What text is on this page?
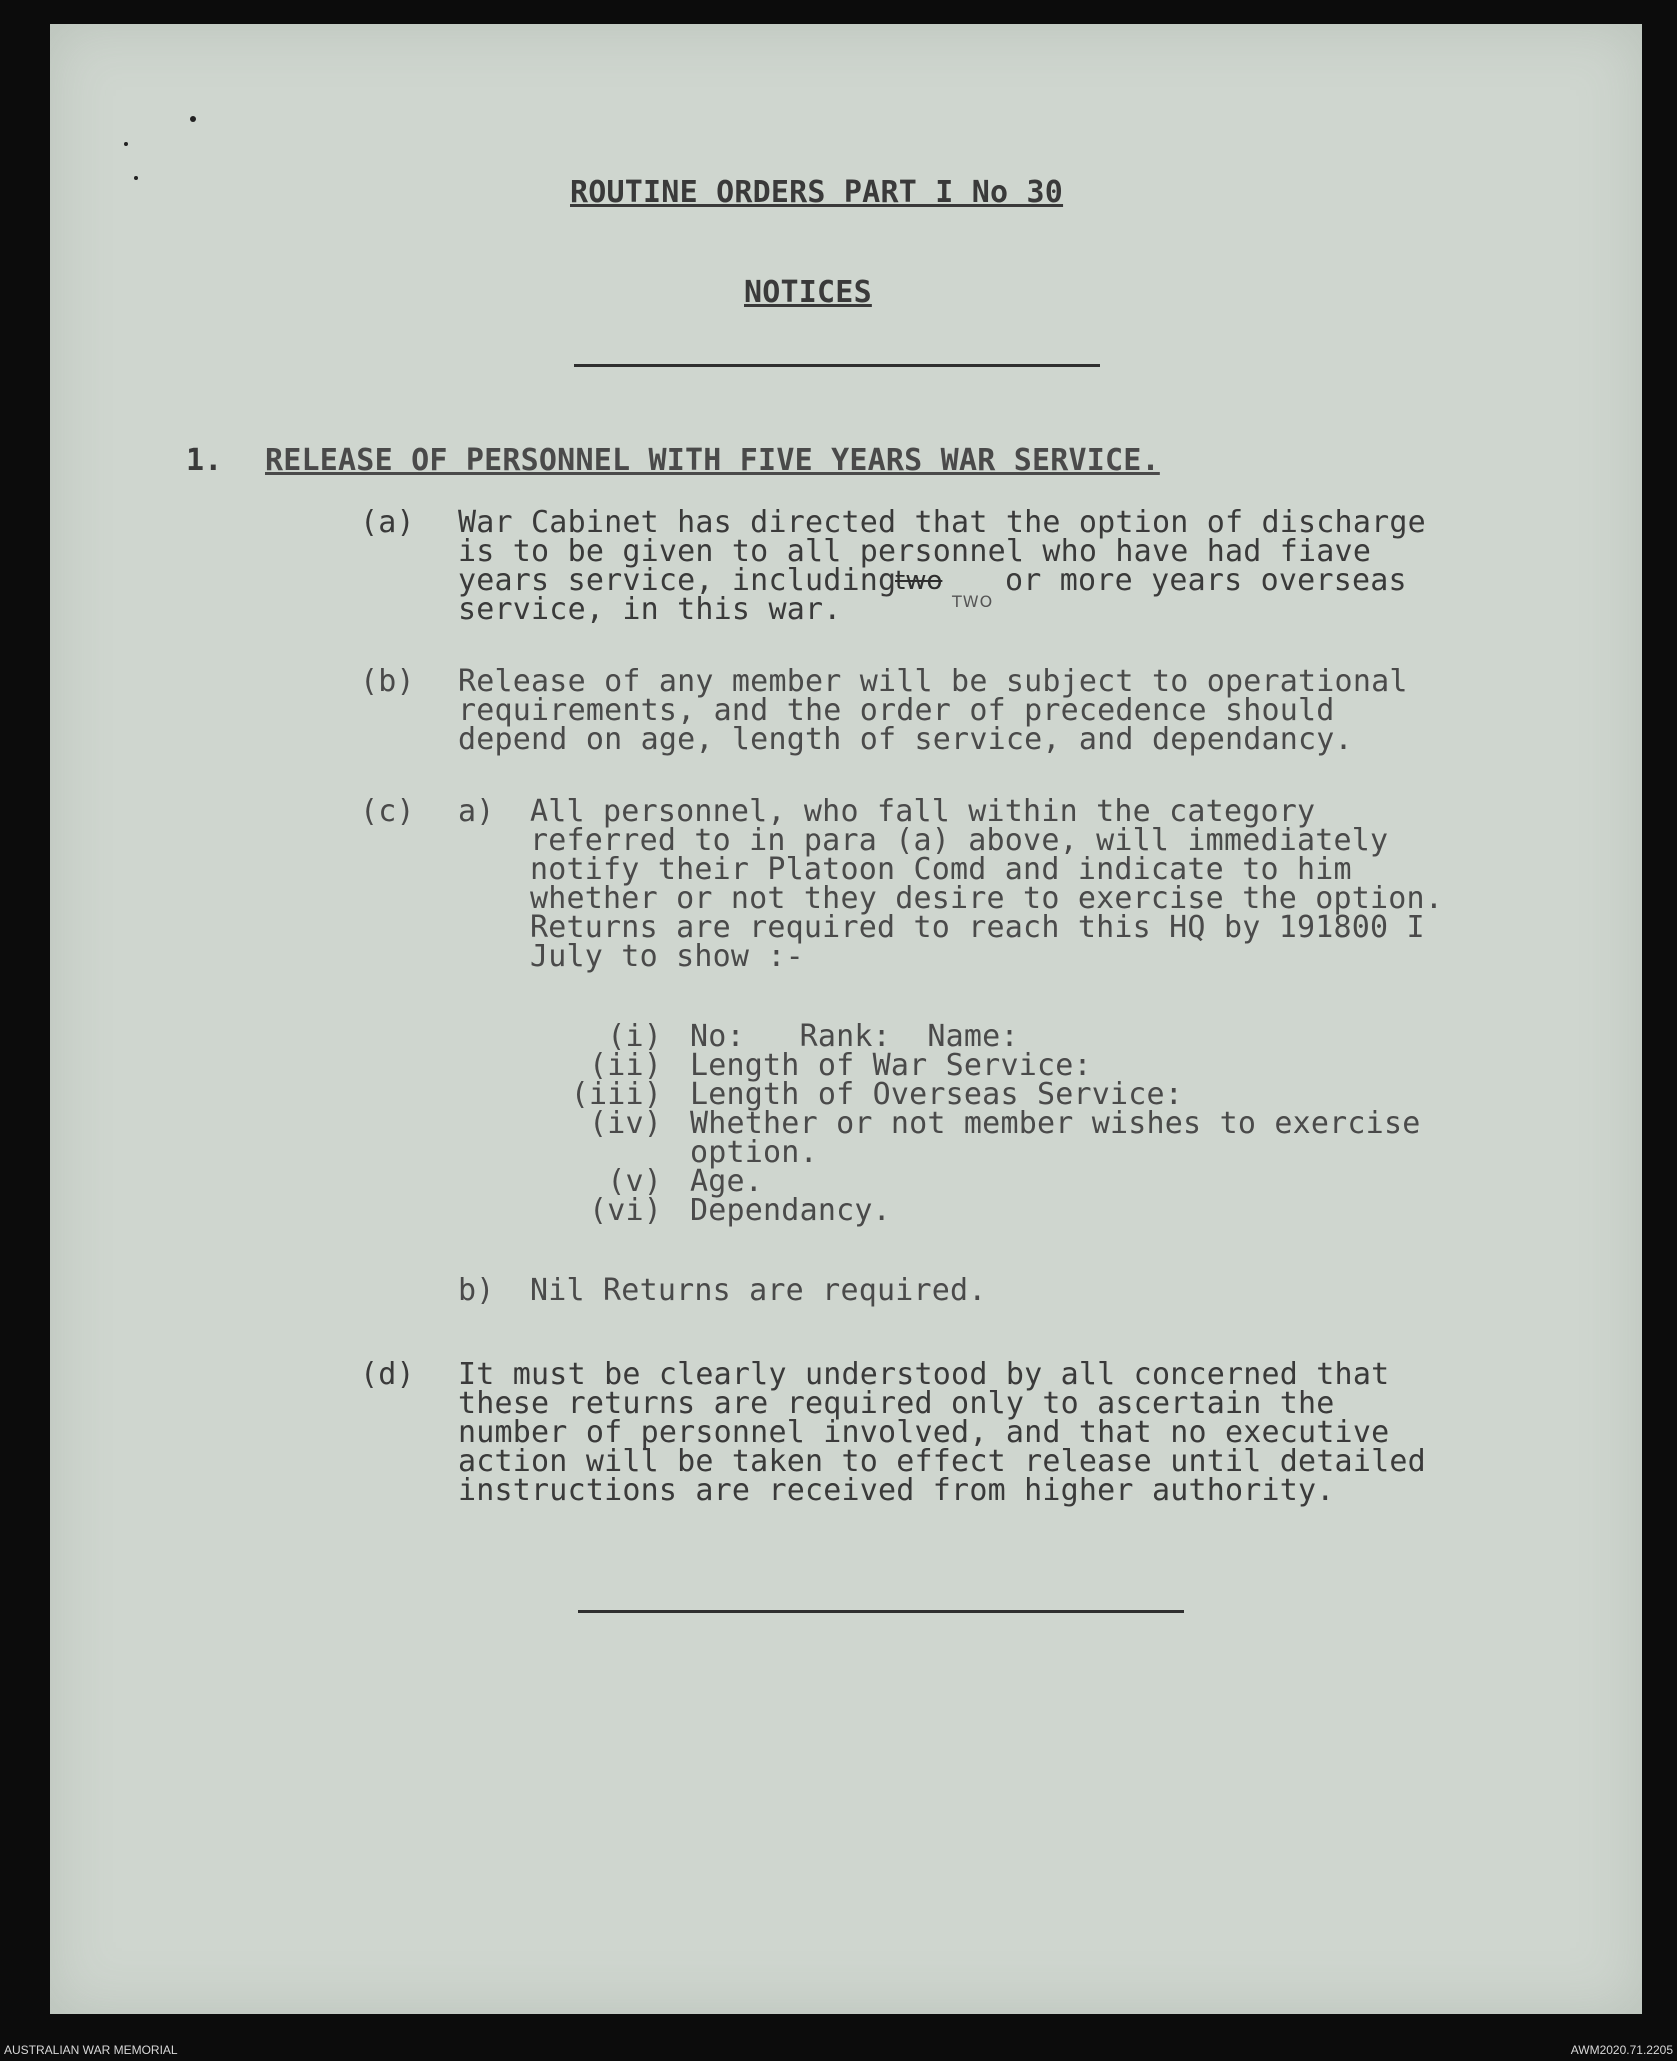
ROUTINE ORDERS PART I No 30
NOTICES
1. RELEASE OF PERSONNEL WITH FIVE YEARS WAR SERVICE.
(a) War Cabinet has directed that the option of discharge
is to be given to all personnel who have had fiave
years service, including
two
TWO
or more years overseas
service, in this war.
(b) Release of any member will be subject to operational
requirements, and the order of precedence should
depend on age, length of service, and dependancy.
(c) a) All personnel, who fall within the category
referred to in para (a) above, will immediately
notify their Platoon Comd and indicate to him
whether or not they desire to exercise the option.
Returns are required to reach this HQ by 191800 I
July to show :-
(i) No:   Rank:  Name:
(ii) Length of War Service:
(iii) Length of Overseas Service:
(iv) Whether or not member wishes to exercise
option.
(v) Age.
(vi) Dependancy.
b) Nil Returns are required.
(d) It must be clearly understood by all concerned that
these returns are required only to ascertain the
number of personnel involved, and that no executive
action will be taken to effect release until detailed
instructions are received from higher authority.
AUSTRALIAN WAR MEMORIAL	AWM2020.71.2205
